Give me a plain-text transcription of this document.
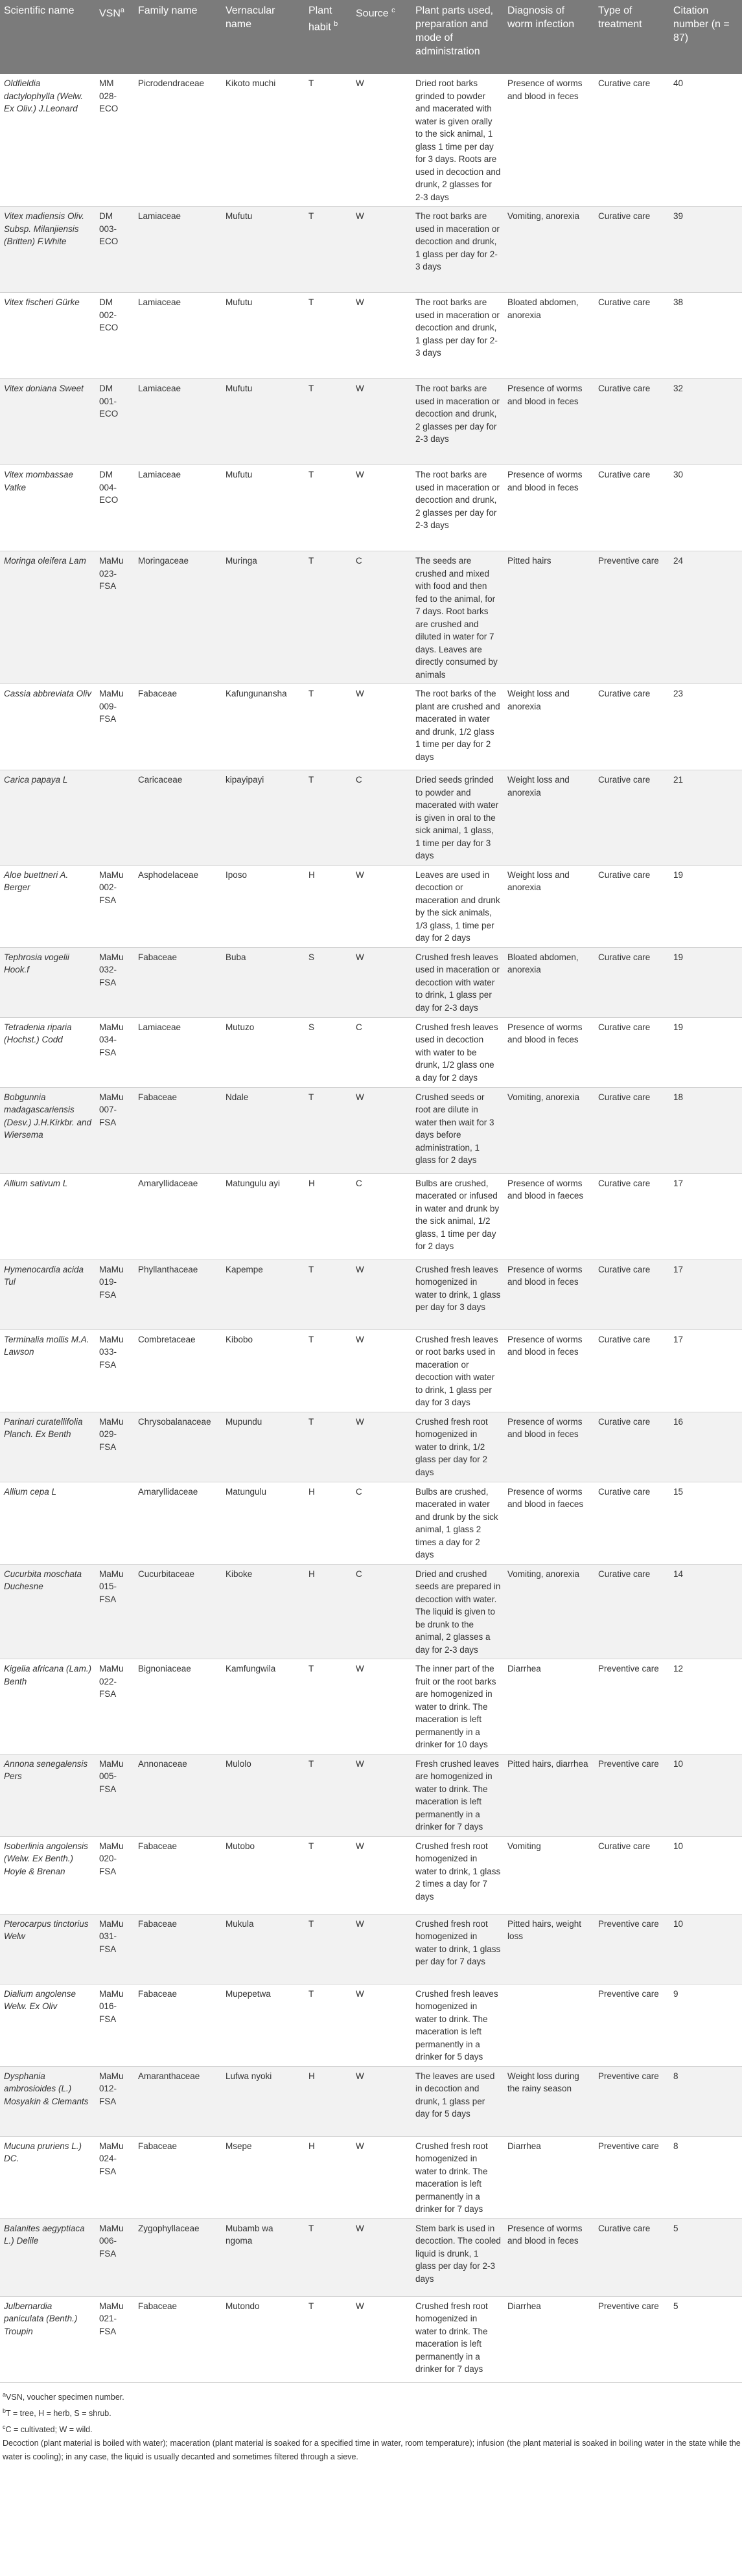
Scientific name	VSN$^a$	Family name	Vernacular name	Plant habit $^b$	Source $^c$	Plant parts used, preparation and mode of administration	Diagnosis of worm infection	Type of treatment	Citation number (n = 87)
Oldfieldia dactylophylla (Welw. Ex Oliv.) J.Leonard	MM 028-ECO	Picrodendraceae	Kikoto muchi	T	W	Dried root barks grinded to powder and macerated with water is given orally to the sick animal, 1 glass 1 time per day for 3 days. Roots are used in decoction and drunk, 2 glasses for 2-3 days	Presence of worms and blood in feces	Curative care	40
Vitex madiensis Oliv. Subsp. Milanjiensis (Britten) F.White	DM 003-ECO	Lamiaceae	Mufutu	T	W	The root barks are used in maceration or decoction and drunk, 1 glass per day for 2-3 days	Vomiting, anorexia	Curative care	39
Vitex fischeri Gürke	DM 002-ECO	Lamiaceae	Mufutu	T	W	The root barks are used in maceration or decoction and drunk, 1 glass per day for 2-3 days	Bloated abdomen, anorexia	Curative care	38
Vitex doniana Sweet	DM 001-ECO	Lamiaceae	Mufutu	T	W	The root barks are used in maceration or decoction and drunk, 2 glasses per day for 2-3 days	Presence of worms and blood in feces	Curative care	32
Vitex mombassae Vatke	DM 004-ECO	Lamiaceae	Mufutu	T	W	The root barks are used in maceration or decoction and drunk, 2 glasses per day for 2-3 days	Presence of worms and blood in feces	Curative care	30
Moringa oleifera Lam	MaMu 023-FSA	Moringaceae	Muringa	T	C	The seeds are crushed and mixed with food and then fed to the animal, for 7 days. Root barks are crushed and diluted in water for 7 days. Leaves are directly consumed by animals	Pitted hairs	Preventive care	24
Cassia abbreviata Oliv	MaMu 009-FSA	Fabaceae	Kafungunansha	T	W	The root barks of the plant are crushed and macerated in water and drunk, 1/2 glass 1 time per day for 2 days	Weight loss and anorexia	Curative care	23
Carica papaya L		Caricaceae	kipayipayi	T	C	Dried seeds grinded to powder and macerated with water is given in oral to the sick animal, 1 glass, 1 time per day for 3 days	Weight loss and anorexia	Curative care	21
Aloe buettneri A. Berger	MaMu 002-FSA	Asphodelaceae	Iposo	H	W	Leaves are used in decoction or maceration and drunk by the sick animals, 1/3 glass, 1 time per day for 2 days	Weight loss and anorexia	Curative care	19
Tephrosia vogelii Hook.f	MaMu 032-FSA	Fabaceae	Buba	S	W	Crushed fresh leaves used in maceration or decoction with water to drink, 1 glass per day for 2-3 days	Bloated abdomen, anorexia	Curative care	19
Tetradenia riparia (Hochst.) Codd	MaMu 034-FSA	Lamiaceae	Mutuzo	S	C	Crushed fresh leaves used in decoction with water to be drunk, 1/2 glass one a day for 2 days	Presence of worms and blood in feces	Curative care	19
Bobgunnia madagascariensis (Desv.) J.H.Kirkbr. and Wiersema	MaMu 007-FSA	Fabaceae	Ndale	T	W	Crushed seeds or root are dilute in water then wait for 3 days before administration, 1 glass for 2 days	Vomiting, anorexia	Curative care	18
Allium sativum L		Amaryllidaceae	Matungulu ayi	H	C	Bulbs are crushed, macerated or infused in water and drunk by the sick animal, 1/2 glass, 1 time per day for 2 days	Presence of worms and blood in faeces	Curative care	17
Hymenocardia acida Tul	MaMu 019-FSA	Phyllanthaceae	Kapempe	T	W	Crushed fresh leaves homogenized in water to drink, 1 glass per day for 3 days	Presence of worms and blood in feces	Curative care	17
Terminalia mollis M.A. Lawson	MaMu 033-FSA	Combretaceae	Kibobo	T	W	Crushed fresh leaves or root barks used in maceration or decoction with water to drink, 1 glass per day for 3 days	Presence of worms and blood in feces	Curative care	17
Parinari curatellifolia Planch. Ex Benth	MaMu 029-FSA	Chrysobalanaceae	Mupundu	T	W	Crushed fresh root homogenized in water to drink, 1/2 glass per day for 2 days	Presence of worms and blood in feces	Curative care	16
Allium cepa L		Amaryllidaceae	Matungulu	H	C	Bulbs are crushed, macerated in water and drunk by the sick animal, 1 glass 2 times a day for 2 days	Presence of worms and blood in faeces	Curative care	15
Cucurbita moschata Duchesne	MaMu 015-FSA	Cucurbitaceae	Kiboke	H	C	Dried and crushed seeds are prepared in decoction with water. The liquid is given to be drunk to the animal, 2 glasses a day for 2-3 days	Vomiting, anorexia	Curative care	14
Kigelia africana (Lam.) Benth	MaMu 022-FSA	Bignoniaceae	Kamfungwila	T	W	The inner part of the fruit or the root barks are homogenized in water to drink. The maceration is left permanently in a drinker for 10 days	Diarrhea	Preventive care	12
Annona senegalensis Pers	MaMu 005-FSA	Annonaceae	Mulolo	T	W	Fresh crushed leaves are homogenized in water to drink. The maceration is left permanently in a drinker for 7 days	Pitted hairs, diarrhea	Preventive care	10
Isoberlinia angolensis (Welw. Ex Benth.) Hoyle & Brenan	MaMu 020-FSA	Fabaceae	Mutobo	T	W	Crushed fresh root homogenized in water to drink, 1 glass 2 times a day for 7 days	Vomiting	Curative care	10
Pterocarpus tinctorius Welw	MaMu 031-FSA	Fabaceae	Mukula	T	W	Crushed fresh root homogenized in water to drink, 1 glass per day for 7 days	Pitted hairs, weight loss	Preventive care	10
Dialium angolense Welw. Ex Oliv	MaMu 016-FSA	Fabaceae	Mupepetwa	T	W	Crushed fresh leaves homogenized in water to drink. The maceration is left permanently in a drinker for 5 days		Preventive care	9
Dysphania ambrosioides (L.) Mosyakin & Clemants	MaMu 012-FSA	Amaranthaceae	Lufwa nyoki	H	W	The leaves are used in decoction and drunk, 1 glass per day for 5 days	Weight loss during the rainy season	Preventive care	8
Mucuna pruriens L.) DC.	MaMu 024-FSA	Fabaceae	Msepe	H	W	Crushed fresh root homogenized in water to drink. The maceration is left permanently in a drinker for 7 days	Diarrhea	Preventive care	8
Balanites aegyptiaca L.) Delile	MaMu 006-FSA	Zygophyllaceae	Mubamb wa ngoma	T	W	Stem bark is used in decoction. The cooled liquid is drunk, 1 glass per day for 2-3 days	Presence of worms and blood in feces	Curative care	5
Julbernardia paniculata (Benth.) Troupin	MaMu 021-FSA	Fabaceae	Mutondo	T	W	Crushed fresh root homogenized in water to drink. The maceration is left permanently in a drinker for 7 days	Diarrhea	Preventive care	5
$^a$VSN, voucher specimen number.
$^b$T = tree, H = herb, S = shrub.
$^c$C = cultivated; W = wild.
Decoction (plant material is boiled with water); maceration (plant material is soaked for a specified time in water, room temperature); infusion (the plant material is soaked in boiling water in the state while the water is cooling); in any case, the liquid is usually decanted and sometimes filtered through a sieve.
